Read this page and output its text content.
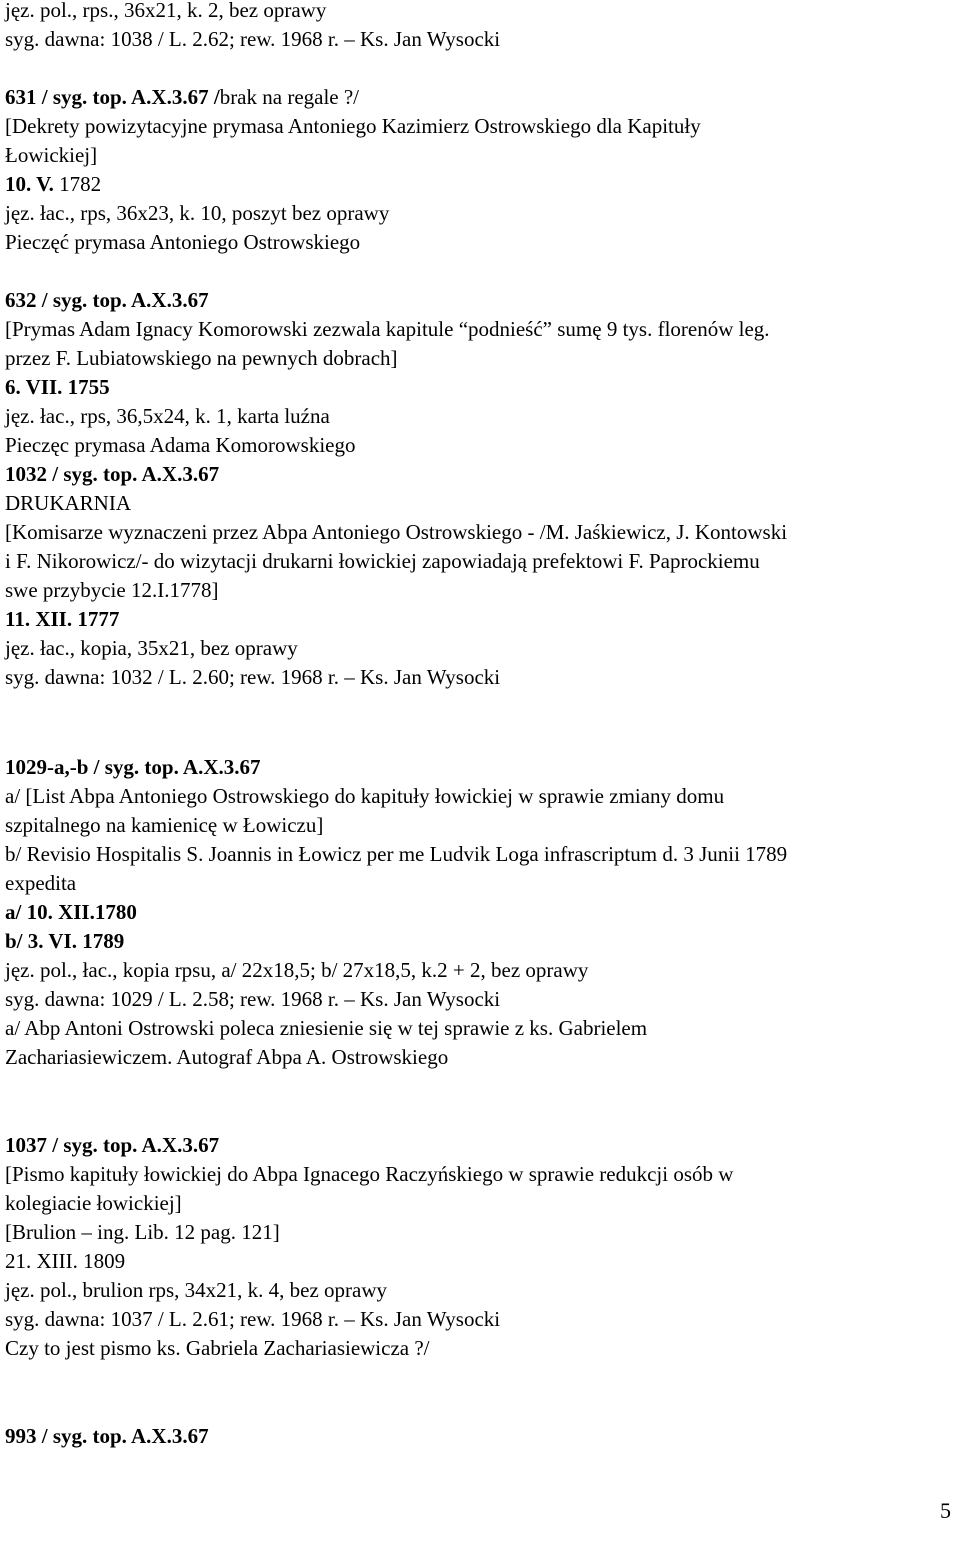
jęz. pol., rps., 36x21, k. 2, bez oprawy
syg. dawna: 1038 / L. 2.62; rew. 1968 r. – Ks. Jan Wysocki
631 / syg. top. A.X.3.67 /brak na regale ?/
[Dekrety powizytacyjne prymasa Antoniego Kazimierz Ostrowskiego dla Kapituły
Łowickiej]
10. V. 1782
jęz. łac., rps, 36x23, k. 10, poszyt bez oprawy
Pieczęć prymasa Antoniego Ostrowskiego
632 / syg. top. A.X.3.67
[Prymas Adam Ignacy Komorowski zezwala kapitule “podnieść” sumę 9 tys. florenów leg.
przez F. Lubiatowskiego na pewnych dobrach]
6. VII. 1755
jęz. łac., rps, 36,5x24, k. 1, karta luźna
Pieczęc prymasa Adama Komorowskiego
1032 / syg. top. A.X.3.67
DRUKARNIA
[Komisarze wyznaczeni przez Abpa Antoniego Ostrowskiego - /M. Jaśkiewicz, J. Kontowski
i F. Nikorowicz/- do wizytacji drukarni łowickiej zapowiadają prefektowi F. Paprockiemu
swe przybycie 12.I.1778]
11. XII. 1777
jęz. łac., kopia, 35x21, bez oprawy
syg. dawna: 1032 / L. 2.60; rew. 1968 r. – Ks. Jan Wysocki
1029-a,-b / syg. top. A.X.3.67
a/ [List Abpa Antoniego Ostrowskiego do kapituły łowickiej w sprawie zmiany domu
szpitalnego na kamienicę w Łowiczu]
b/ Revisio Hospitalis S. Joannis in Łowicz per me Ludvik Loga infrascriptum d. 3 Junii 1789
expedita
a/ 10. XII.1780
b/ 3. VI. 1789
jęz. pol., łac., kopia rpsu, a/ 22x18,5; b/ 27x18,5, k.2 + 2, bez oprawy
syg. dawna: 1029 / L. 2.58; rew. 1968 r. – Ks. Jan Wysocki
a/ Abp Antoni Ostrowski poleca zniesienie się w tej sprawie z ks. Gabrielem
Zachariasiewiczem. Autograf Abpa A. Ostrowskiego
1037 / syg. top. A.X.3.67
[Pismo kapituły łowickiej do Abpa Ignacego Raczyńskiego w sprawie redukcji osób w
kolegiacie łowickiej]
[Brulion – ing. Lib. 12 pag. 121]
21. XIII. 1809
jęz. pol., brulion rps, 34x21, k. 4, bez oprawy
syg. dawna: 1037 / L. 2.61; rew. 1968 r. – Ks. Jan Wysocki
Czy to jest pismo ks. Gabriela Zachariasiewicza ?/
993 / syg. top. A.X.3.67
5
